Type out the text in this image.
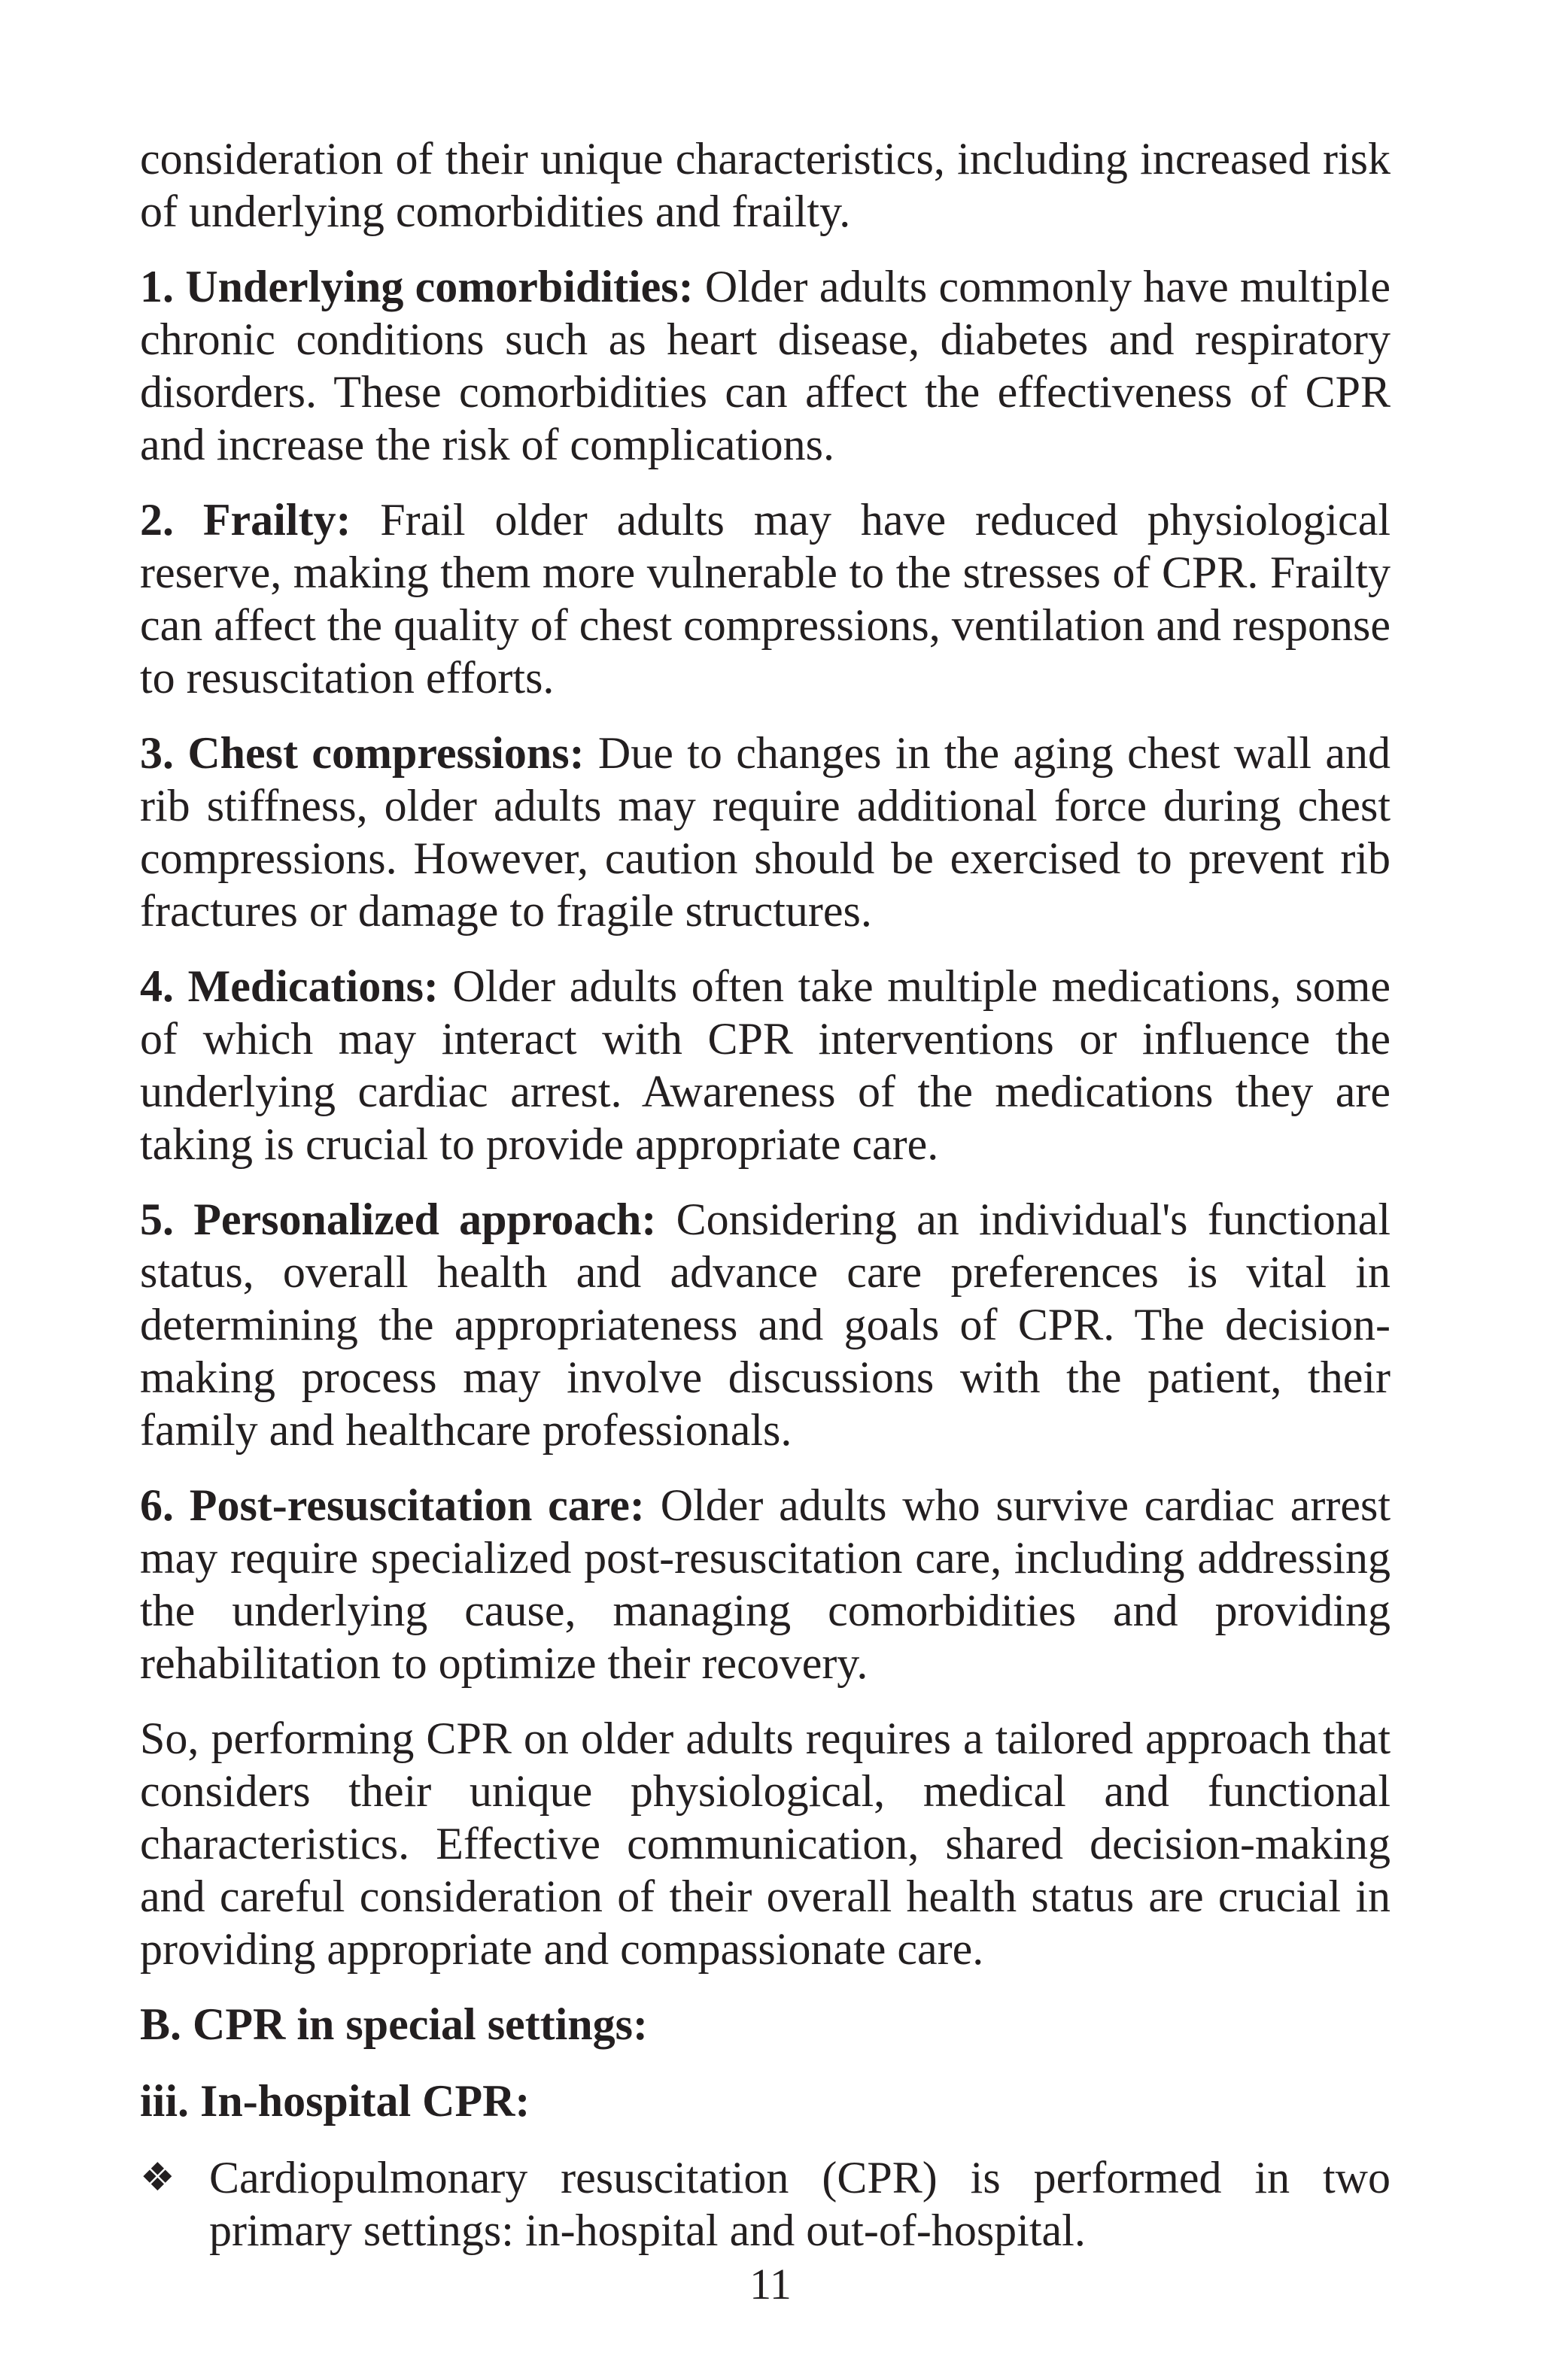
consideration of their unique characteristics, including increased risk of underlying comorbidities and frailty.

1. Underlying comorbidities: Older adults commonly have multiple chronic conditions such as heart disease, diabetes and respiratory disorders. These comorbidities can affect the effectiveness of CPR and increase the risk of complications.

2. Frailty: Frail older adults may have reduced physiological reserve, making them more vulnerable to the stresses of CPR. Frailty can affect the quality of chest compressions, ventilation and response to resuscitation efforts.

3. Chest compressions: Due to changes in the aging chest wall and rib stiffness, older adults may require additional force during chest compressions. However, caution should be exercised to prevent rib fractures or damage to fragile structures.

4. Medications: Older adults often take multiple medications, some of which may interact with CPR interventions or influence the underlying cardiac arrest. Awareness of the medications they are taking is crucial to provide appropriate care.

5. Personalized approach: Considering an individual's functional status, overall health and advance care preferences is vital in determining the appropriateness and goals of CPR. The decision-making process may involve discussions with the patient, their family and healthcare professionals.

6. Post-resuscitation care: Older adults who survive cardiac arrest may require specialized post-resuscitation care, including addressing the underlying cause, managing comorbidities and providing rehabilitation to optimize their recovery.

So, performing CPR on older adults requires a tailored approach that considers their unique physiological, medical and functional characteristics. Effective communication, shared decision-making and careful consideration of their overall health status are crucial in providing appropriate and compassionate care.

B. CPR in special settings:
iii. In-hospital CPR:
❖ Cardiopulmonary resuscitation (CPR) is performed in two primary settings: in-hospital and out-of-hospital.
11
